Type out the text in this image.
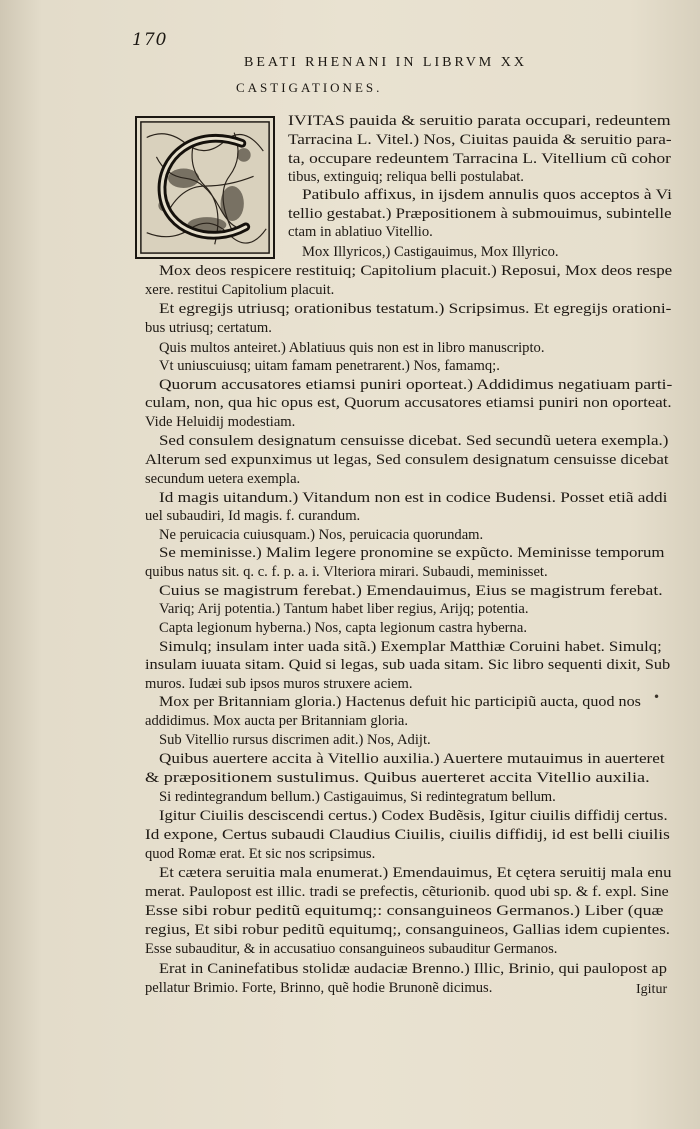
170
BEATI RHENANI IN LIBRVM XX
CASTIGATIONES.
IVITAS pauida & seruitio parata occupari, redeuntem
Tarracina L. Vitel.) Nos, Ciuitas pauida & seruitio para-
ta, occupare redeuntem Tarracina L. Vitellium cũ cohor
tibus, extinguiq; reliqua belli postulabat.
Patibulo affixus, in ijsdem annulis quos acceptos à Vi
tellio gestabat.) Præpositionem à submouimus, subintelle
ctam in ablatiuo Vitellio.
Mox Illyricos,) Castigauimus, Mox Illyrico.
Mox deos respicere restituiq; Capitolium placuit.) Reposui, Mox deos respe
xere. restitui Capitolium placuit.
Et egregijs utriusq; orationibus testatum.) Scripsimus. Et egregijs orationi-
bus utriusq; certatum.
Quis multos anteiret.) Ablatiuus quis non est in libro manuscripto.
Vt uniuscuiusq; uitam famam penetrarent.) Nos, famamq;.
Quorum accusatores etiamsi puniri oporteat.) Addidimus negatiuam parti-
culam, non, qua hic opus est, Quorum accusatores etiamsi puniri non oporteat.
Vide Heluidij modestiam.
Sed consulem designatum censuisse dicebat. Sed secundũ uetera exempla.)
Alterum sed expunximus ut legas, Sed consulem designatum censuisse dicebat
secundum uetera exempla.
Id magis uitandum.) Vitandum non est in codice Budensi. Posset etiã addi
uel subaudiri, Id magis. f. curandum.
Ne peruicacia cuiusquam.) Nos, peruicacia quorundam.
Se meminisse.) Malim legere pronomine se expũcto. Meminisse temporum
quibus natus sit. q. c. f. p. a. i. Vlteriora mirari. Subaudi, meminisset.
Cuius se magistrum ferebat.) Emendauimus, Eius se magistrum ferebat.
Variq; Arij potentia.) Tantum habet liber regius, Arijq; potentia.
Capta legionum hyberna.) Nos, capta legionum castra hyberna.
Simulq; insulam inter uada sitã.) Exemplar Matthiæ Coruini habet. Simulq;
insulam iuuata sitam. Quid si legas, sub uada sitam. Sic libro sequenti dixit, Sub
muros. Iudæi sub ipsos muros struxere aciem.
Mox per Britanniam gloria.) Hactenus defuit hic participiũ aucta, quod nos
addidimus. Mox aucta per Britanniam gloria.
Sub Vitellio rursus discrimen adit.) Nos, Adijt.
Quibus auertere accita à Vitellio auxilia.) Auertere mutauimus in auerteret
& præpositionem sustulimus. Quibus auerteret accita Vitellio auxilia.
Si redintegrandum bellum.) Castigauimus, Si redintegratum bellum.
Igitur Ciuilis desciscendi certus.) Codex Budẽsis, Igitur ciuilis diffidij certus.
Id expone, Certus subaudi Claudius Ciuilis, ciuilis diffidij, id est belli ciuilis
quod Romæ erat. Et sic nos scripsimus.
Et cætera seruitia mala enumerat.) Emendauimus, Et cętera seruitij mala enu
merat. Paulopost est illic. tradi se prefectis, cẽturionib. quod ubi sp. & f. expl. Sine
Esse sibi robur peditũ equitumq;: consanguineos Germanos.) Liber (quæ
regius, Et sibi robur peditũ equitumq;, consanguineos, Gallias idem cupientes.
Esse subauditur, & in accusatiuo consanguineos subauditur Germanos.
Erat in Caninefatibus stolidæ audaciæ Brenno.) Illic, Brinio, qui paulopost ap
pellatur Brimio. Forte, Brinno, quẽ hodie Brunonẽ dicimus.
•
Igitur
